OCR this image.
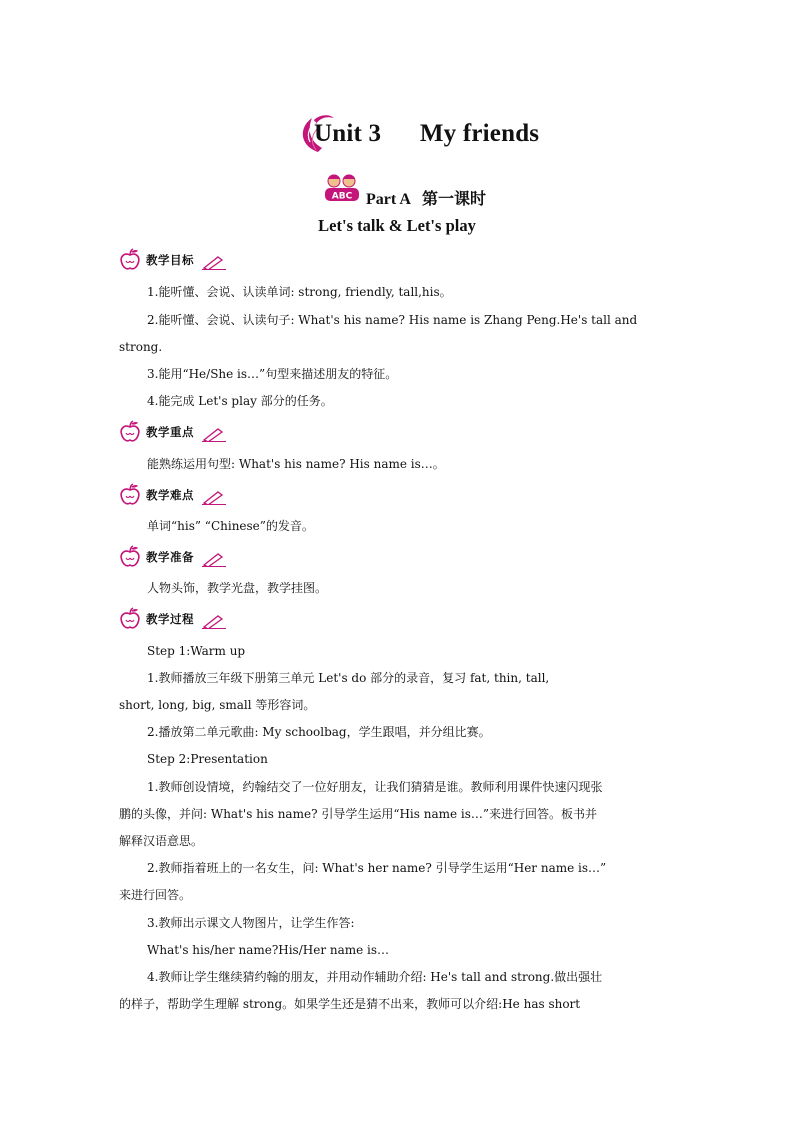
Unit 3 My friends
ABC Part A 第一课时
Let's talk & Let's play
教学目标
1.能听懂、会说、认读单词: strong, friendly, tall,his。
2.能听懂、会说、认读句子: What's his name? His name is Zhang Peng.He's tall and
strong.
3.能用“He/She is…”句型来描述朋友的特征。
4.能完成 Let's play 部分的任务。
教学重点
能熟练运用句型: What's his name? His name is…。
教学难点
单词“his” “Chinese”的发音。
教学准备
人物头饰，教学光盘，教学挂图。
教学过程
Step 1:Warm up
1.教师播放三年级下册第三单元 Let's do 部分的录音，复习 fat, thin, tall,
short, long, big, small 等形容词。
2.播放第二单元歌曲: My schoolbag，学生跟唱，并分组比赛。
Step 2:Presentation
1.教师创设情境，约翰结交了一位好朋友，让我们猜猜是谁。教师利用课件快速闪现张
鹏的头像，并问: What's his name? 引导学生运用“His name is…”来进行回答。板书并
解释汉语意思。
2.教师指着班上的一名女生，问: What's her name? 引导学生运用“Her name is…”
来进行回答。
3.教师出示课文人物图片，让学生作答:
What's his/her name?His/Her name is…
4.教师让学生继续猜约翰的朋友，并用动作辅助介绍: He's tall and strong.做出强壮
的样子，帮助学生理解 strong。如果学生还是猜不出来，教师可以介绍:He has short
